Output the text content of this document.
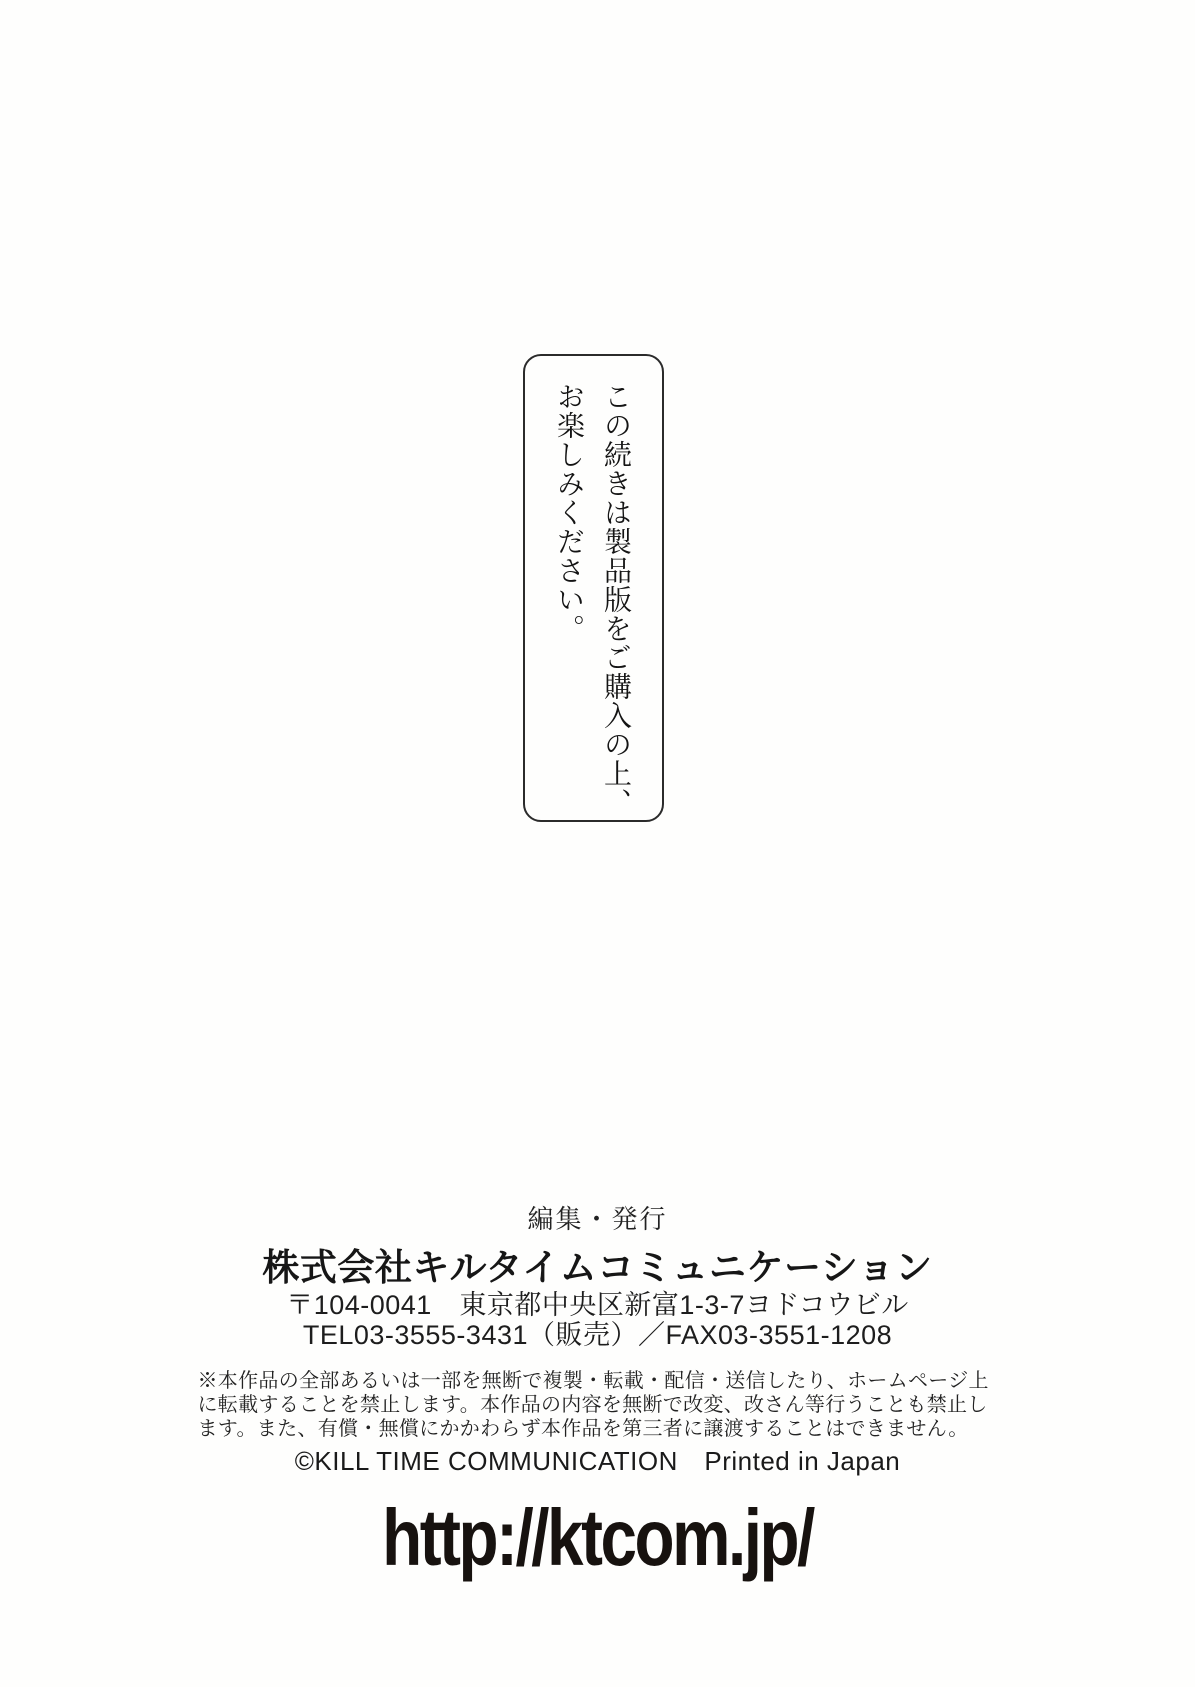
この続きは製品版をご購入の上、
お楽しみください。
編集・発行
株式会社キルタイムコミュニケーション
〒104-0041　東京都中央区新富1-3-7ヨドコウビル
TEL03-3555-3431（販売）／FAX03-3551-1208
※本作品の全部あるいは一部を無断で複製・転載・配信・送信したり、ホームページ上
に転載することを禁止します。本作品の内容を無断で改変、改さん等行うことも禁止し
ます。また、有償・無償にかかわらず本作品を第三者に譲渡することはできません。
©KILL TIME COMMUNICATION　Printed in Japan
http://ktcom.jp/
